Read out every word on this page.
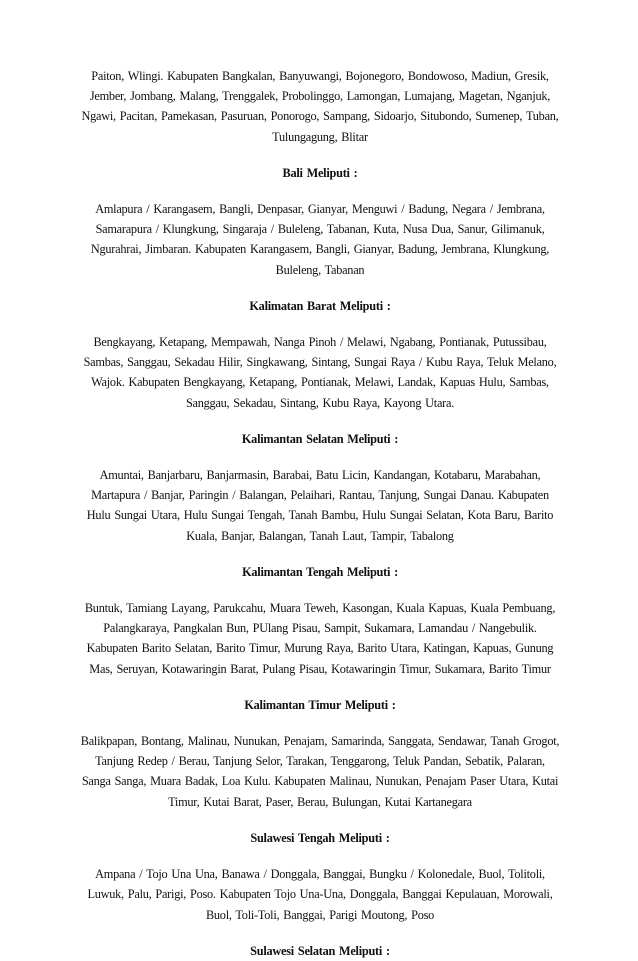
Paiton, Wlingi. Kabupaten Bangkalan, Banyuwangi, Bojonegoro, Bondowoso, Madiun, Gresik, Jember, Jombang, Malang, Trenggalek, Probolinggo, Lamongan, Lumajang, Magetan, Nganjuk, Ngawi, Pacitan, Pamekasan, Pasuruan, Ponorogo, Sampang, Sidoarjo, Situbondo, Sumenep, Tuban, Tulungagung, Blitar

Bali Meliputi :

Amlapura / Karangasem, Bangli, Denpasar, Gianyar, Menguwi / Badung, Negara / Jembrana, Samarapura / Klungkung, Singaraja / Buleleng, Tabanan, Kuta, Nusa Dua, Sanur, Gilimanuk, Ngurahrai, Jimbaran. Kabupaten Karangasem, Bangli, Gianyar, Badung, Jembrana, Klungkung, Buleleng, Tabanan

Kalimatan Barat Meliputi :

Bengkayang, Ketapang, Mempawah, Nanga Pinoh / Melawi, Ngabang, Pontianak, Putussibau, Sambas, Sanggau, Sekadau Hilir, Singkawang, Sintang, Sungai Raya / Kubu Raya, Teluk Melano, Wajok. Kabupaten Bengkayang, Ketapang, Pontianak, Melawi, Landak, Kapuas Hulu, Sambas, Sanggau, Sekadau, Sintang, Kubu Raya, Kayong Utara.

Kalimantan Selatan Meliputi :

Amuntai, Banjarbaru, Banjarmasin, Barabai, Batu Licin, Kandangan, Kotabaru, Marabahan, Martapura / Banjar, Paringin / Balangan, Pelaihari, Rantau, Tanjung, Sungai Danau. Kabupaten Hulu Sungai Utara, Hulu Sungai Tengah, Tanah Bambu, Hulu Sungai Selatan, Kota Baru, Barito Kuala, Banjar, Balangan, Tanah Laut, Tampir, Tabalong

Kalimantan Tengah Meliputi :

Buntuk, Tamiang Layang, Parukcahu, Muara Teweh, Kasongan, Kuala Kapuas, Kuala Pembuang, Palangkaraya, Pangkalan Bun, PUlang Pisau, Sampit, Sukamara, Lamandau / Nangebulik. Kabupaten Barito Selatan, Barito Timur, Murung Raya, Barito Utara, Katingan, Kapuas, Gunung Mas, Seruyan, Kotawaringin Barat, Pulang Pisau, Kotawaringin Timur, Sukamara, Barito Timur

Kalimantan Timur Meliputi :

Balikpapan, Bontang, Malinau, Nunukan, Penajam, Samarinda, Sanggata, Sendawar, Tanah Grogot, Tanjung Redep / Berau, Tanjung Selor, Tarakan, Tenggarong, Teluk Pandan, Sebatik, Palaran, Sanga Sanga, Muara Badak, Loa Kulu. Kabupaten Malinau, Nunukan, Penajam Paser Utara, Kutai Timur, Kutai Barat, Paser, Berau, Bulungan, Kutai Kartanegara

Sulawesi Tengah Meliputi :

Ampana / Tojo Una Una, Banawa / Donggala, Banggai, Bungku / Kolonedale, Buol, Tolitoli, Luwuk, Palu, Parigi, Poso. Kabupaten Tojo Una-Una, Donggala, Banggai Kepulauan, Morowali, Buol, Toli-Toli, Banggai, Parigi Moutong, Poso

Sulawesi Selatan Meliputi :
